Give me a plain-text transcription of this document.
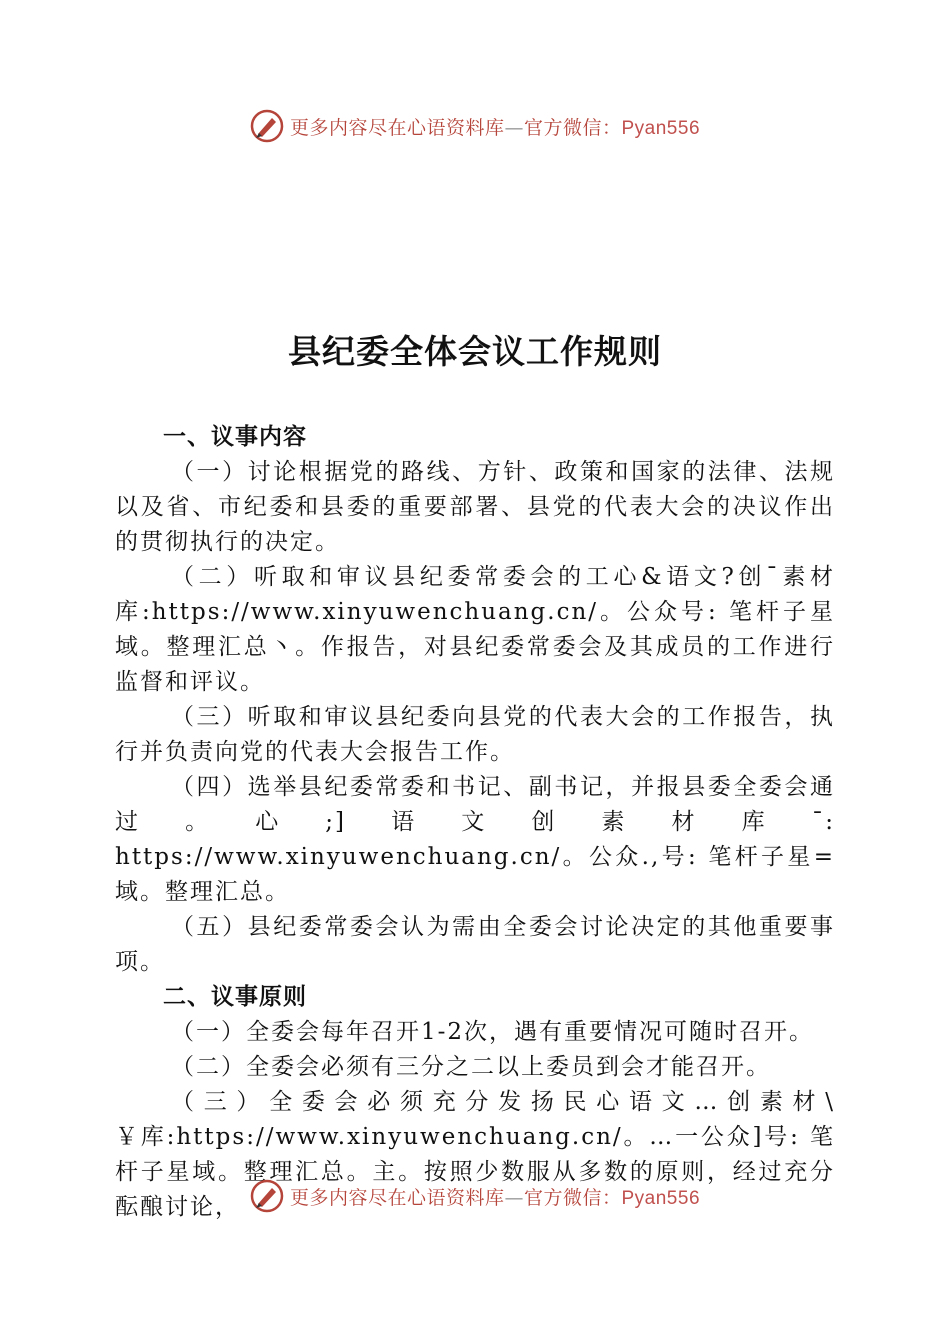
更多内容尽在心语资料库—官方微信：Pyan556
县纪委全体会议工作规则

一、议事内容

（一）讨论根据党的路线、方针、政策和国家的法律、法规以及省、市纪委和县委的重要部署、县党的代表大会的决议作出的贯彻执行的决定。

（二）听取和审议县纪委常委会的工心&语文?创¯素材库:https://www.xinyuwenchuang.cn/。公众号: 笔杆子星域。整理汇总丶。作报告，对县纪委常委会及其成员的工作进行监督和评议。

（三）听取和审议县纪委向县党的代表大会的工作报告，执行并负责向党的代表大会报告工作。

（四）选举县纪委常委和书记、副书记，并报县委全委会通过。心;]语文创素材库¯: https://www.xinyuwenchuang.cn/。公众.,号: 笔杆子星=域。整理汇总。

（五）县纪委常委会认为需由全委会讨论决定的其他重要事项。

二、议事原则

（一）全委会每年召开1-2次，遇有重要情况可随时召开。

（二）全委会必须有三分之二以上委员到会才能召开。

（三）全委会必须充分发扬民心语文…创素材\￥库:https://www.xinyuwenchuang.cn/。…一公众]号: 笔杆子星域。整理汇总。主。按照少数服从多数的原则，经过充分酝酿讨论，	更多内容尽在心语资料库—官方微信：Pyan556
